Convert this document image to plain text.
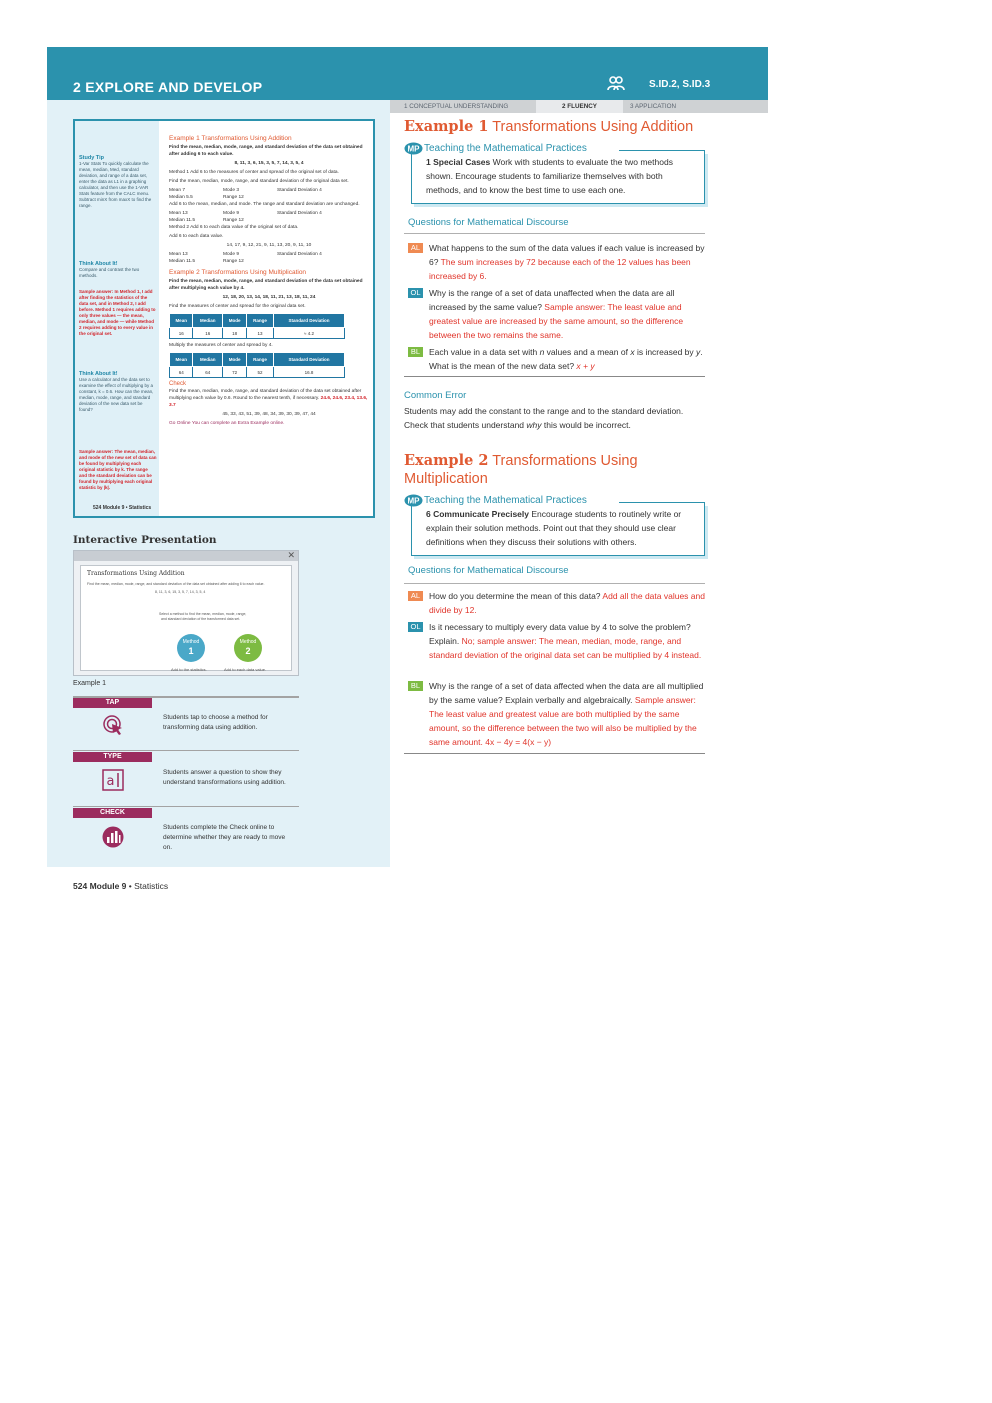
2 EXPLORE AND DEVELOP	S.ID.2, S.ID.3
Study Tip
1-Var Stats To quickly calculate the mean, median, Med, standard deviation, and range of a data set, enter the data as L1 in a graphing calculator, and then use the 1-VAR Stats feature from the CALC menu. Subtract minX from maxX to find the range.
Think About It!
Compare and contrast the two methods.
Sample answer: In Method 1, I add after finding the statistics of the data set, and in Method 2, I add before. Method 1 requires adding to only three values — the mean, median, and mode — while Method 2 requires adding to every value in the original set.
Think About It!
Use a calculator and the data set to examine the effect of multiplying by a constant, k = 0.6. How can the mean, median, mode, range, and standard deviation of the new data set be found?
Sample answer: The mean, median, and mode of the new set of data can be found by multiplying each original statistic by k. The range and the standard deviation can be found by multiplying each original statistic by |k|.
Example 1 Transformations Using Addition

Find the mean, median, mode, range, and standard deviation of the data set obtained after adding 6 to each value.

8, 11, 3, 6, 15, 3, 5, 7, 14, 3, 5, 4

Method 1 Add 6 to the measures of center and spread of the original set of data.

Find the mean, median, mode, range, and standard deviation of the original data set.

Mean 7	Mode 3	Standard Deviation 4
Median 5.5	Range 12

Add 6 to the mean, median, and mode. The range and standard deviation are unchanged.

Mean 13	Mode 9	Standard Deviation 4
Median 11.5	Range 12

Method 2 Add 6 to each data value of the original set of data.

Add 6 to each data value.

14, 17, 9, 12, 21, 9, 11, 13, 20, 9, 11, 10

Mean 13	Mode 9	Standard Deviation 4
Median 11.5	Range 12
Example 2 Transformations Using Multiplication

Find the mean, median, mode, range, and standard deviation of the data set obtained after multiplying each value by 4.

12, 18, 20, 13, 14, 18, 11, 21, 13, 18, 11, 24

Find the measures of center and spread for the original data set.

Mean	Median	Mode	Range	Standard Deviation
16	16	18	13	≈ 4.2

Multiply the measures of center and spread by 4.

Mean	Median	Mode	Range	Standard Deviation
64	64	72	52	16.8
Check

Find the mean, median, mode, range, and standard deviation of the data set obtained after multiplying each value by 0.6. Round to the nearest tenth, if necessary. 24.6, 24.6, 23.4, 13.6, 3.7

45, 33, 43, 51, 39, 48, 34, 39, 30, 39, 47, 44

Go Online You can complete an Extra Example online.

524 Module 9 • Statistics
Interactive Presentation
✕
Transformations Using Addition
Find the mean, median, mode, range, and standard deviation of the data set obtained after adding 6 to each value.
8, 11, 3, 6, 15, 3, 5, 7, 14, 3, 5, 4
Select a method to find the mean, median, mode, range,
and standard deviation of the transformed data set.
Method
1
Method
2
Add to the statistics.	Add to each data value.
Example 1
TAP
Students tap to choose a method for transforming data using addition.
TYPE
a
Students answer a question to show they understand transformations using addition.
CHECK
Students complete the Check online to determine whether they are ready to move on.
524 Module 9 • Statistics
1 CONCEPTUAL UNDERSTANDING	2 FLUENCY	3 APPLICATION
Example 1 Transformations Using Addition
MP Teaching the Mathematical Practices
1 Special Cases Work with students to evaluate the two methods shown. Encourage students to familiarize themselves with both methods, and to know the best time to use each one.
Questions for Mathematical Discourse
AL	What happens to the sum of the data values if each value is increased by 6? The sum increases by 72 because each of the 12 values has been increased by 6.
OL Why is the range of a set of data unaffected when the data are all increased by the same value? Sample answer: The least value and greatest value are increased by the same amount, so the difference between the two remains the same.
BL	Each value in a data set with n values and a mean of x is increased by y. What is the mean of the new data set? x + y
Common Error
Students may add the constant to the range and to the standard deviation. Check that students understand why this would be incorrect.
Example 2 Transformations Using
Multiplication
MP Teaching the Mathematical Practices
6 Communicate Precisely Encourage students to routinely write or explain their solution methods. Point out that they should use clear definitions when they discuss their solutions with others.
Questions for Mathematical Discourse
AL	How do you determine the mean of this data? Add all the data values and divide by 12.
OL Is it necessary to multiply every data value by 4 to solve the problem? Explain. No; sample answer: The mean, median, mode, range, and standard deviation of the original data set can be multiplied by 4 instead.
BL	Why is the range of a set of data affected when the data are all multiplied by the same value? Explain verbally and algebraically. Sample answer: The least value and greatest value are both multiplied by the same amount, so the difference between the two will also be multiplied by the same amount. 4x − 4y = 4(x − y)
